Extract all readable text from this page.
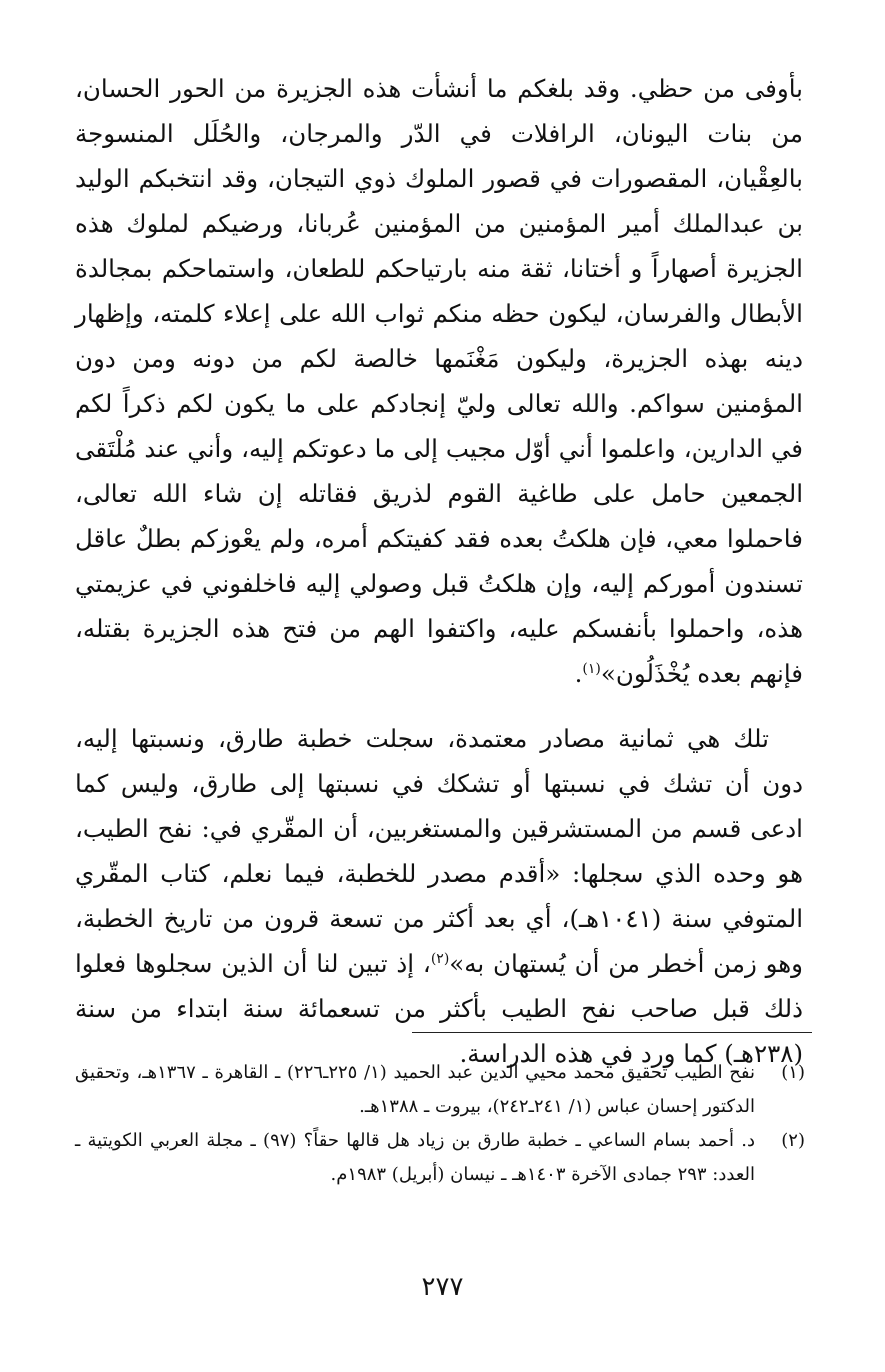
بأوفى من حظي. وقد بلغكم ما أنشأت هذه الجزيرة من الحور الحسان، من بنات اليونان، الرافلات في الدّر والمرجان، والحُلَل المنسوجة بالعِقْيان، المقصورات في قصور الملوك ذوي التيجان، وقد انتخبكم الوليد بن عبدالملك أمير المؤمنين من المؤمنين عُربانا، ورضيكم لملوك هذه الجزيرة أصهاراً و أختانا، ثقة منه بارتياحكم للطعان، واستماحكم بمجالدة الأبطال والفرسان، ليكون حظه منكم ثواب الله على إعلاء كلمته، وإظهار دينه بهذه الجزيرة، وليكون مَغْنَمها خالصة لكم من دونه ومن دون المؤمنين سواكم. والله تعالى وليّ إنجادكم على ما يكون لكم ذكراً لكم في الدارين، واعلموا أني أوّل مجيب إلى ما دعوتكم إليه، وأني عند مُلْتَقى الجمعين حامل على طاغية القوم لذريق فقاتله إن شاء الله تعالى، فاحملوا معي، فإن هلكتُ بعده فقد كفيتكم أمره، ولم يعْوزكم بطلٌ عاقل تسندون أموركم إليه، وإن هلكتُ قبل وصولي إليه فاخلفوني في عزيمتي هذه، واحملوا بأنفسكم عليه، واكتفوا الهم من فتح هذه الجزيرة بقتله، فإنهم بعده يُخْذَلُون»$^{(١)}$.

تلك هي ثمانية مصادر معتمدة، سجلت خطبة طارق، ونسبتها إليه، دون أن تشك في نسبتها أو تشكك في نسبتها إلى طارق، وليس كما ادعى قسم من المستشرقين والمستغربين، أن المقّري في: نفح الطيب، هو وحده الذي سجلها: «أقدم مصدر للخطبة، فيما نعلم، كتاب المقّري المتوفي سنة (١٠٤١هـ)، أي بعد أكثر من تسعة قرون من تاريخ الخطبة، وهو زمن أخطر من أن يُستهان به»$^{(٢)}$، إذ تبين لنا أن الذين سجلوها فعلوا ذلك قبل صاحب نفح الطيب بأكثر من تسعمائة سنة ابتداء من سنة (٢٣٨هـ) كما ورد في هذه الدراسة.

(١)
نفح الطيب تحقيق محمد محيي الدين عبد الحميد (١/ ٢٢٥ـ٢٢٦) ـ القاهرة ـ ١٣٦٧هـ، وتحقيق الدكتور إحسان عباس (١/ ٢٤١ـ٢٤٢)، بيروت ـ ١٣٨٨هـ.

(٢)
د. أحمد بسام الساعي ـ خطبة طارق بن زياد هل قالها حقاً؟ (٩٧) ـ مجلة العربي الكويتية ـ العدد: ٢٩٣ جمادى الآخرة ١٤٠٣هـ ـ نيسان (أبريل) ١٩٨٣م.

٢٧٧
